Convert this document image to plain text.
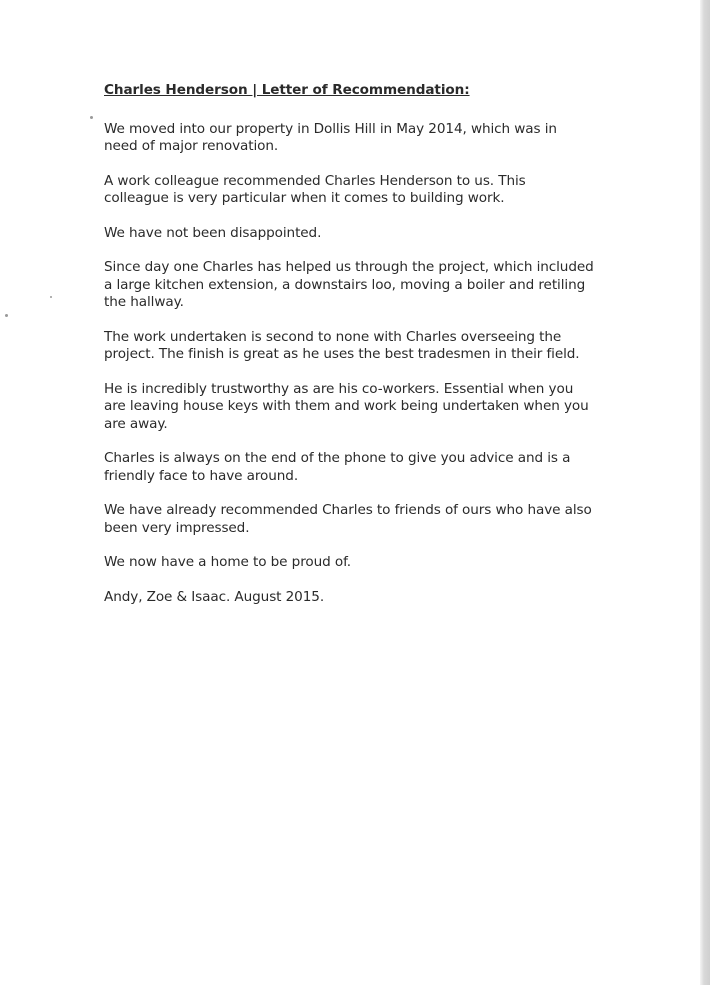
Charles Henderson | Letter of Recommendation:

We moved into our property in Dollis Hill in May 2014, which was in need of major renovation.

A work colleague recommended Charles Henderson to us. This colleague is very particular when it comes to building work.

We have not been disappointed.

Since day one Charles has helped us through the project, which included a large kitchen extension, a downstairs loo, moving a boiler and retiling the hallway.

The work undertaken is second to none with Charles overseeing the project. The finish is great as he uses the best tradesmen in their field.

He is incredibly trustworthy as are his co-workers. Essential when you are leaving house keys with them and work being undertaken when you are away.

Charles is always on the end of the phone to give you advice and is a friendly face to have around.

We have already recommended Charles to friends of ours who have also been very impressed.

We now have a home to be proud of.

Andy, Zoe & Isaac. August 2015.
